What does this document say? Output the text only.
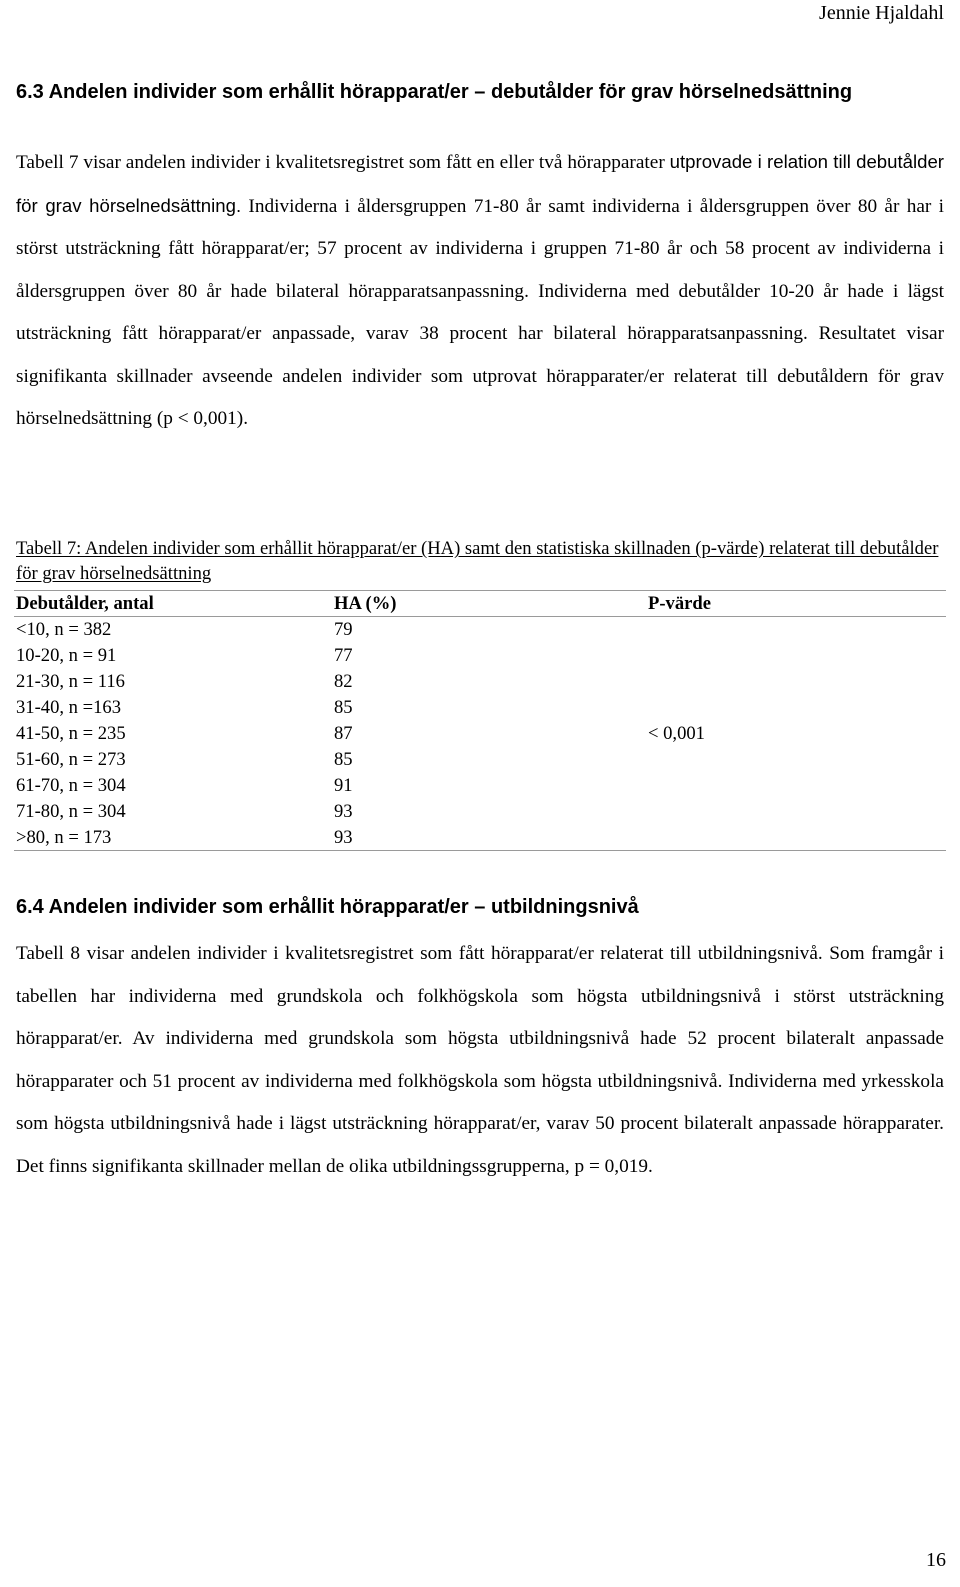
Jennie Hjaldahl
6.3 Andelen individer som erhållit hörapparat/er – debutålder för grav hörselnedsättning

Tabell 7 visar andelen individer i kvalitetsregistret som fått en eller två hörapparater utprovade i relation till debutålder för grav hörselnedsättning. Individerna i åldersgruppen 71-80 år samt individerna i åldersgruppen över 80 år har i störst utsträckning fått hörapparat/er; 57 procent av individerna i gruppen 71-80 år och 58 procent av individerna i åldersgruppen över 80 år hade bilateral hörapparatsanpassning. Individerna med debutålder 10-20 år hade i lägst utsträckning fått hörapparat/er anpassade, varav 38 procent har bilateral hörapparatsanpassning. Resultatet visar signifikanta skillnader avseende andelen individer som utprovat hörapparater/er relaterat till debutåldern för grav hörselnedsättning (p < 0,001).

Tabell 7: Andelen individer som erhållit hörapparat/er (HA) samt den statistiska skillnaden (p-värde) relaterat till debutålder för grav hörselnedsättning

Debutålder, antal	HA (%)	P-värde
<10, n = 382	79	
10-20, n = 91	77	
21-30, n = 116	82	
31-40, n =163	85	
41-50, n = 235	87	< 0,001
51-60, n = 273	85	
61-70, n = 304	91	
71-80, n = 304	93	
>80, n = 173	93	
6.4 Andelen individer som erhållit hörapparat/er – utbildningsnivå

Tabell 8 visar andelen individer i kvalitetsregistret som fått hörapparat/er relaterat till utbildningsnivå. Som framgår i tabellen har individerna med grundskola och folkhögskola som högsta utbildningsnivå i störst utsträckning hörapparat/er. Av individerna med grundskola som högsta utbildningsnivå hade 52 procent bilateralt anpassade hörapparater och 51 procent av individerna med folkhögskola som högsta utbildningsnivå. Individerna med yrkesskola som högsta utbildningsnivå hade i lägst utsträckning hörapparat/er, varav 50 procent bilateralt anpassade hörapparater. Det finns signifikanta skillnader mellan de olika utbildningssgrupperna, p = 0,019.

16
